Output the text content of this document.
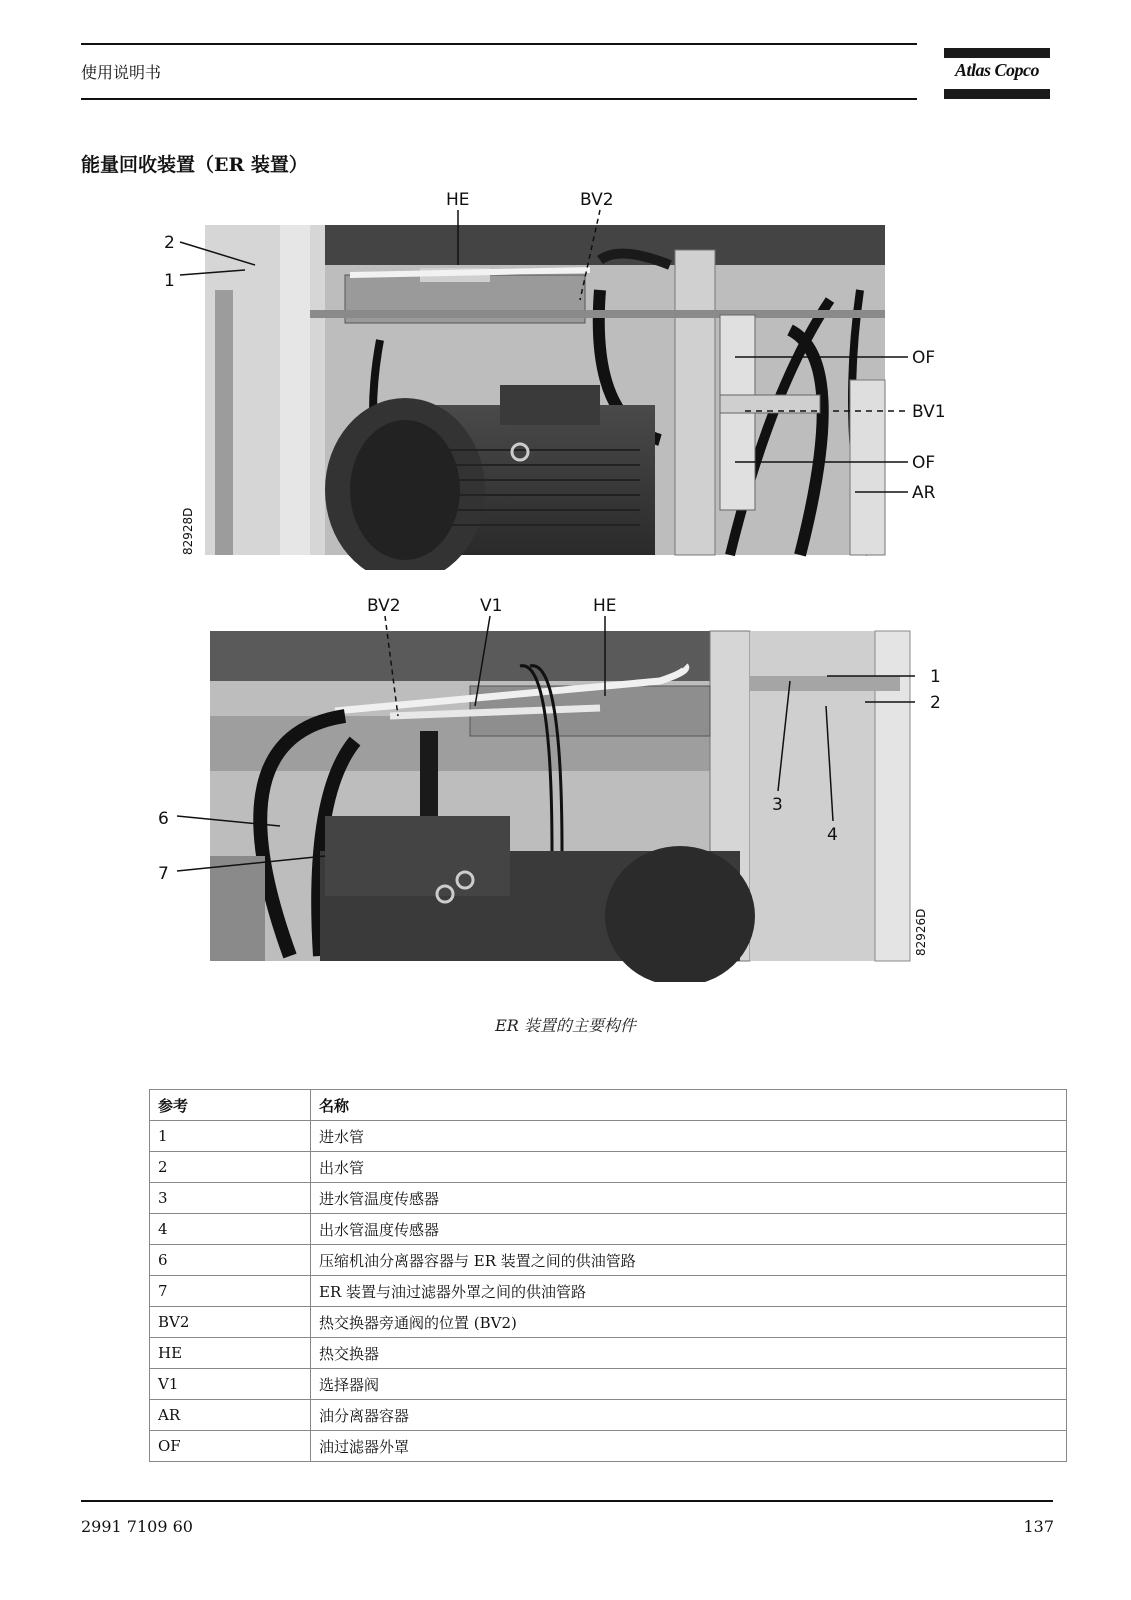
使用说明书	Atlas Copco
能量回收装置（ER 装置）
HE	BV2
2
1
OF
BV1
OF
AR
82928D
BV2	V1	HE
1
2
3
4
6
7
82926D
ER 装置的主要构件
参考	名称
1	进水管
2	出水管
3	进水管温度传感器
4	出水管温度传感器
6	压缩机油分离器容器与 ER 装置之间的供油管路
7	ER 装置与油过滤器外罩之间的供油管路
BV2	热交换器旁通阀的位置 (BV2)
HE	热交换器
V1	选择器阀
AR	油分离器容器
OF	油过滤器外罩
2991 7109 60	137
